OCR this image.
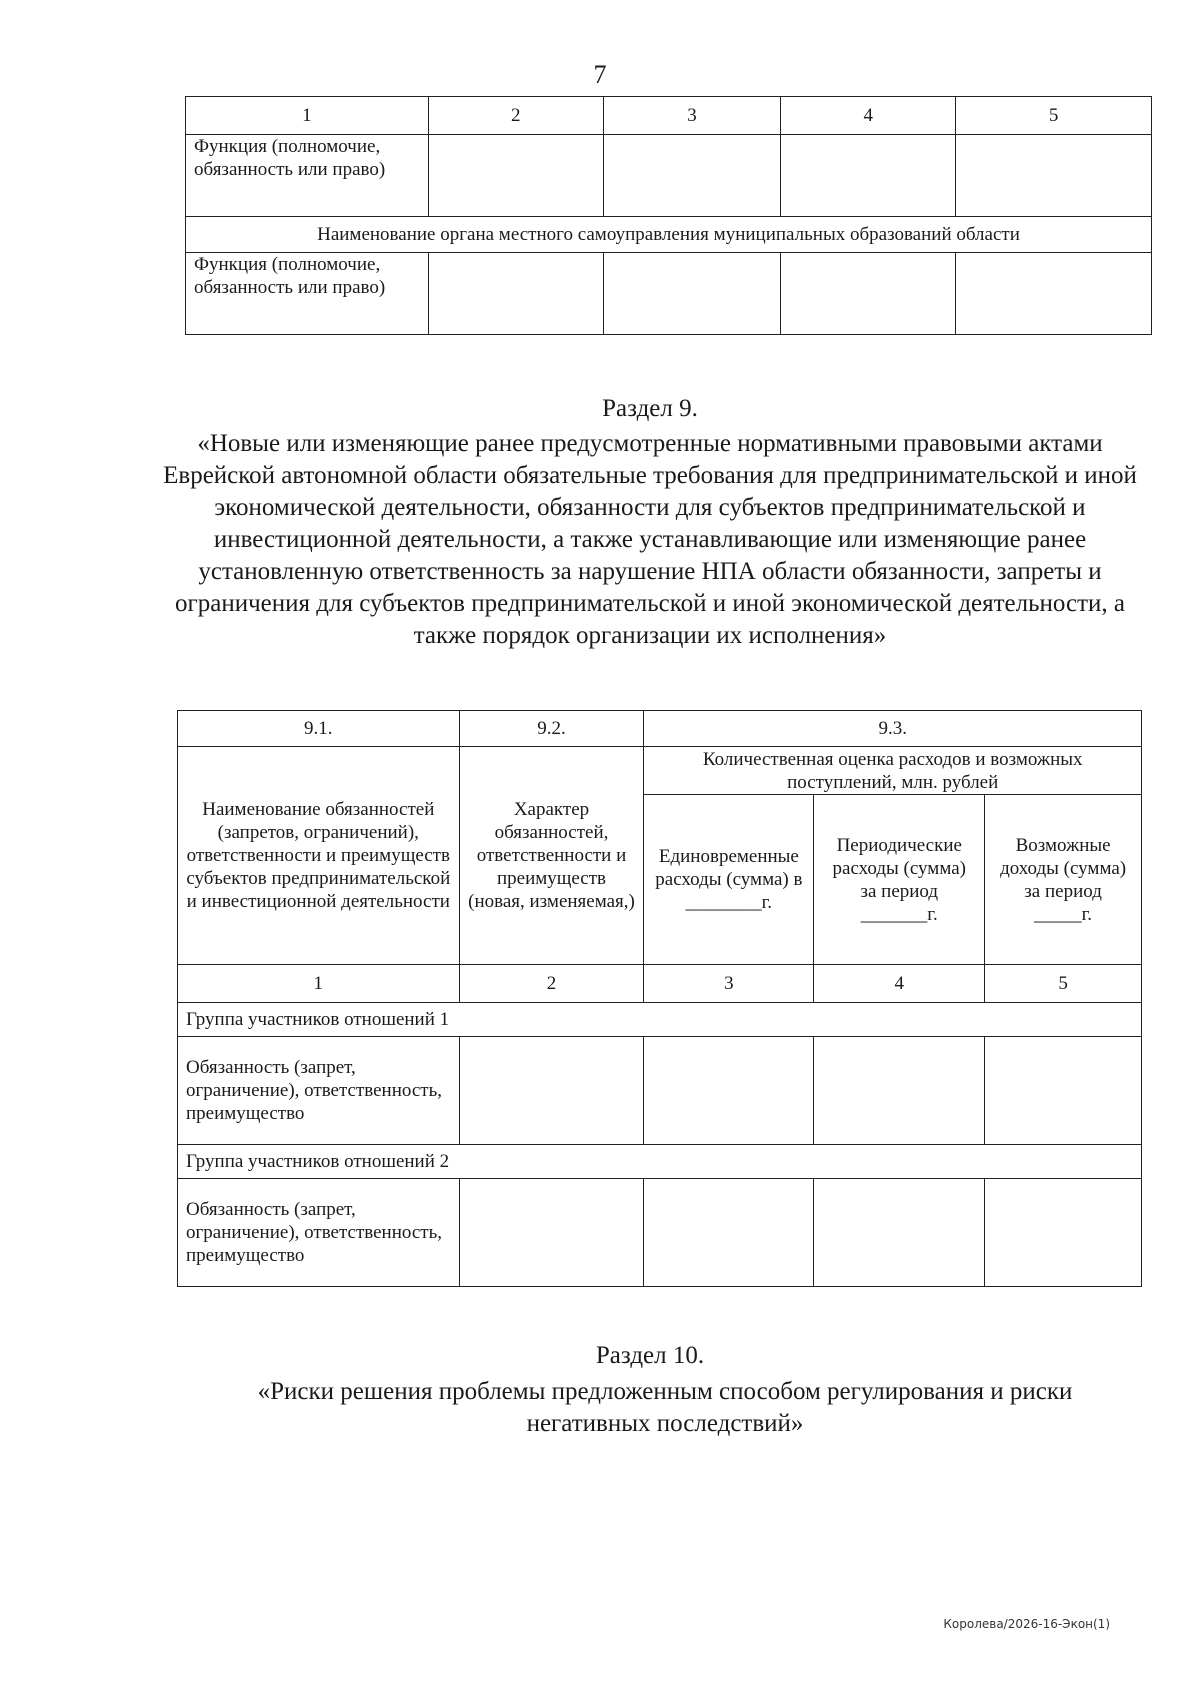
7
1	2	3	4	5
Функция (полномочие, обязанность или право)				
Наименование органа местного самоуправления муниципальных образований области				
Функция (полномочие, обязанность или право)				
Раздел 9.
«Новые или изменяющие ранее предусмотренные нормативными правовыми актами Еврейской автономной области обязательные требования для предпринимательской и иной экономической деятельности, обязанности для субъектов предпринимательской и инвестиционной деятельности, а также устанавливающие или изменяющие ранее установленную ответственность за нарушение НПА области обязанности, запреты и ограничения для субъектов предпринимательской и иной экономической деятельности, а также порядок организации их исполнения»
9.1.	9.2.	9.3.		
Наименование обязанностей (запретов, ограничений), ответственности и преимуществ субъектов предпринимательской и инвестиционной деятельности	Характер обязанностей, ответственности и преимуществ (новая, изменяемая,)	Количественная оценка расходов и возможных поступлений, млн. рублей		
		Единовременные расходы (сумма) в ________г.	Периодические расходы (сумма) за период _______г.	Возможные доходы (сумма) за период _____г.
1	2	3	4	5
Группа участников отношений 1				
Обязанность (запрет, ограничение), ответственность, преимущество				
Группа участников отношений 2				
Обязанность (запрет, ограничение), ответственность, преимущество				
Раздел 10.
«Риски решения проблемы предложенным способом регулирования и риски негативных последствий»
Королева/2026-16-Экон(1)
